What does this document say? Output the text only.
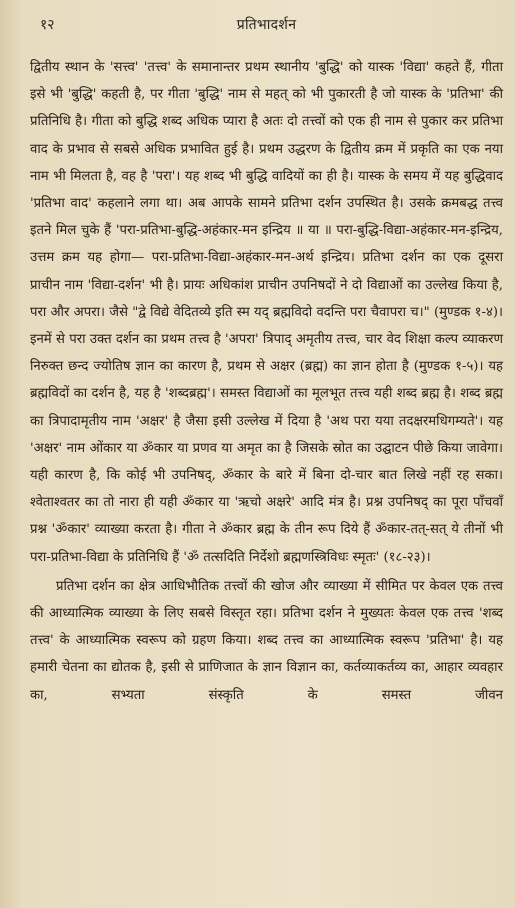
१२	प्रतिभादर्शन

द्वितीय स्थान के 'सत्त्व' 'तत्त्व' के समानान्तर प्रथम स्थानीय 'बुद्धि' को यास्क 'विद्या' कहते हैं, गीता इसे भी 'बुद्धि' कहती है, पर गीता 'बुद्धि' नाम से महत् को भी पुकारती है जो यास्क के 'प्रतिभा' की प्रतिनिधि है। गीता को बुद्धि शब्द अधिक प्यारा है अतः दो तत्त्वों को एक ही नाम से पुकार कर प्रतिभा वाद के प्रभाव से सबसे अधिक प्रभावित हुई है। प्रथम उद्धरण के द्वितीय क्रम में प्रकृति का एक नया नाम भी मिलता है, वह है 'परा'। यह शब्द भी बुद्धि वादियों का ही है। यास्क के समय में यह बुद्धिवाद 'प्रतिभा वाद' कहलाने लगा था। अब आपके सामने प्रतिभा दर्शन उपस्थित है। उसके क्रमबद्ध तत्त्व इतने मिल चुके हैं 'परा-प्रतिभा-बुद्धि-अहंकार-मन इन्द्रिय ॥ या ॥ परा-बुद्धि-विद्या-अहंकार-मन-इन्द्रिय, उत्तम क्रम यह होगा— परा-प्रतिभा-विद्या-अहंकार-मन-अर्थ इन्द्रिय। प्रतिभा दर्शन का एक दूसरा प्राचीन नाम 'विद्या-दर्शन' भी है। प्रायः अधिकांश प्राचीन उपनिषदों ने दो विद्याओं का उल्लेख किया है, परा और अपरा। जैसे "द्वे विद्ये वेदितव्ये इति स्म यद् ब्रह्मविदो वदन्ति परा चैवापरा च।" (मुण्डक १-४)। इनमें से परा उक्त दर्शन का प्रथम तत्त्व है 'अपरा' त्रिपाद् अमृतीय तत्त्व, चार वेद शिक्षा कल्प व्याकरण निरुक्त छन्द ज्योतिष ज्ञान का कारण है, प्रथम से अक्षर (ब्रह्म) का ज्ञान होता है (मुण्डक १-५)। यह ब्रह्मविदों का दर्शन है, यह है 'शब्दब्रह्म'। समस्त विद्याओं का मूलभूत तत्त्व यही शब्द ब्रह्म है। शब्द ब्रह्म का त्रिपादामृतीय नाम 'अक्षर' है जैसा इसी उल्लेख में दिया है 'अथ परा यया तदक्षरमधिगम्यते'। यह 'अक्षर' नाम ओंकार या ॐकार या प्रणव या अमृत का है जिसके स्रोत का उद्घाटन पीछे किया जावेगा। यही कारण है, कि कोई भी उपनिषद्, ॐकार के बारे में बिना दो-चार बात लिखे नहीं रह सका। श्वेताश्वतर का तो नारा ही यही ॐकार या 'ऋचो अक्षरे' आदि मंत्र है। प्रश्न उपनिषद् का पूरा पाँचवाँ प्रश्न 'ॐकार' व्याख्या करता है। गीता ने ॐकार ब्रह्म के तीन रूप दिये हैं ॐकार-तत्-सत् ये तीनों भी परा-प्रतिभा-विद्या के प्रतिनिधि हैं 'ॐ तत्सदिति निर्देशो ब्रह्मणस्त्रिविधः स्मृतः' (१८-२३)।

प्रतिभा दर्शन का क्षेत्र आधिभौतिक तत्त्वों की खोज और व्याख्या में सीमित पर केवल एक तत्त्व की आध्यात्मिक व्याख्या के लिए सबसे विस्तृत रहा। प्रतिभा दर्शन ने मुख्यतः केवल एक तत्त्व 'शब्द तत्त्व' के आध्यात्मिक स्वरूप को ग्रहण किया। शब्द तत्त्व का आध्यात्मिक स्वरूप 'प्रतिभा' है। यह हमारी चेतना का द्योतक है, इसी से प्राणिजात के ज्ञान विज्ञान का, कर्तव्याकर्तव्य का, आहार व्यवहार का, सभ्यता संस्कृति के समस्त जीवन
